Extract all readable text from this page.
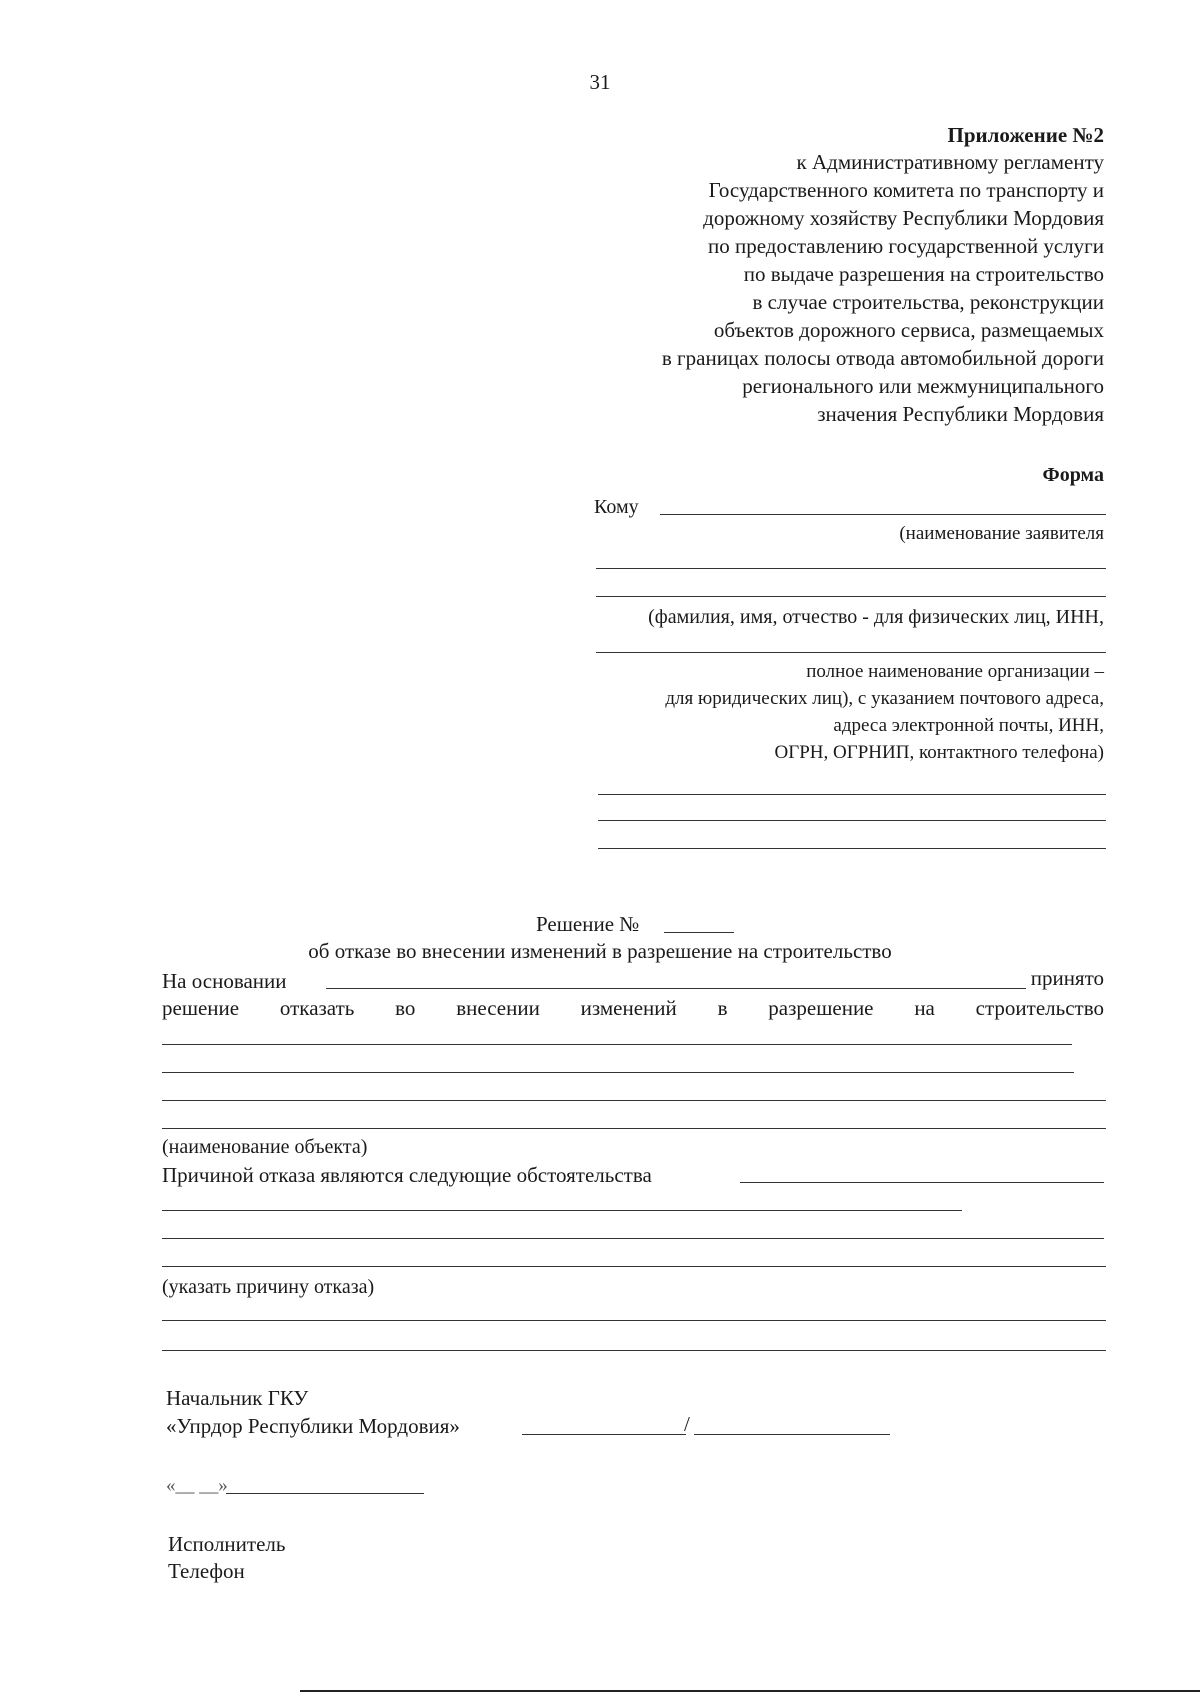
31
Приложение №2
к Административному регламенту
Государственного комитета по транспорту и
дорожному хозяйству Республики Мордовия
по предоставлению государственной услуги
по выдаче разрешения на строительство
в случае строительства, реконструкции
объектов дорожного сервиса, размещаемых
в границах полосы отвода автомобильной дороги
регионального или межмуниципального
значения Республики Мордовия
Форма
Кому
(наименование заявителя
(фамилия, имя, отчество - для физических лиц, ИНН,
полное наименование организации –
для юридических лиц), с указанием почтового адреса,
адреса электронной почты, ИНН,
ОГРН, ОГРНИП, контактного телефона)
Решение №
об отказе во внесении изменений в разрешение на строительство
На основании	принято
решение отказать во внесении изменений в разрешение на строительство
(наименование объекта)
Причиной отказа являются следующие обстоятельства
(указать причину отказа)
Начальник ГКУ
«Упрдор Республики Мордовия»	/
«__ __»
Исполнитель
Телефон
